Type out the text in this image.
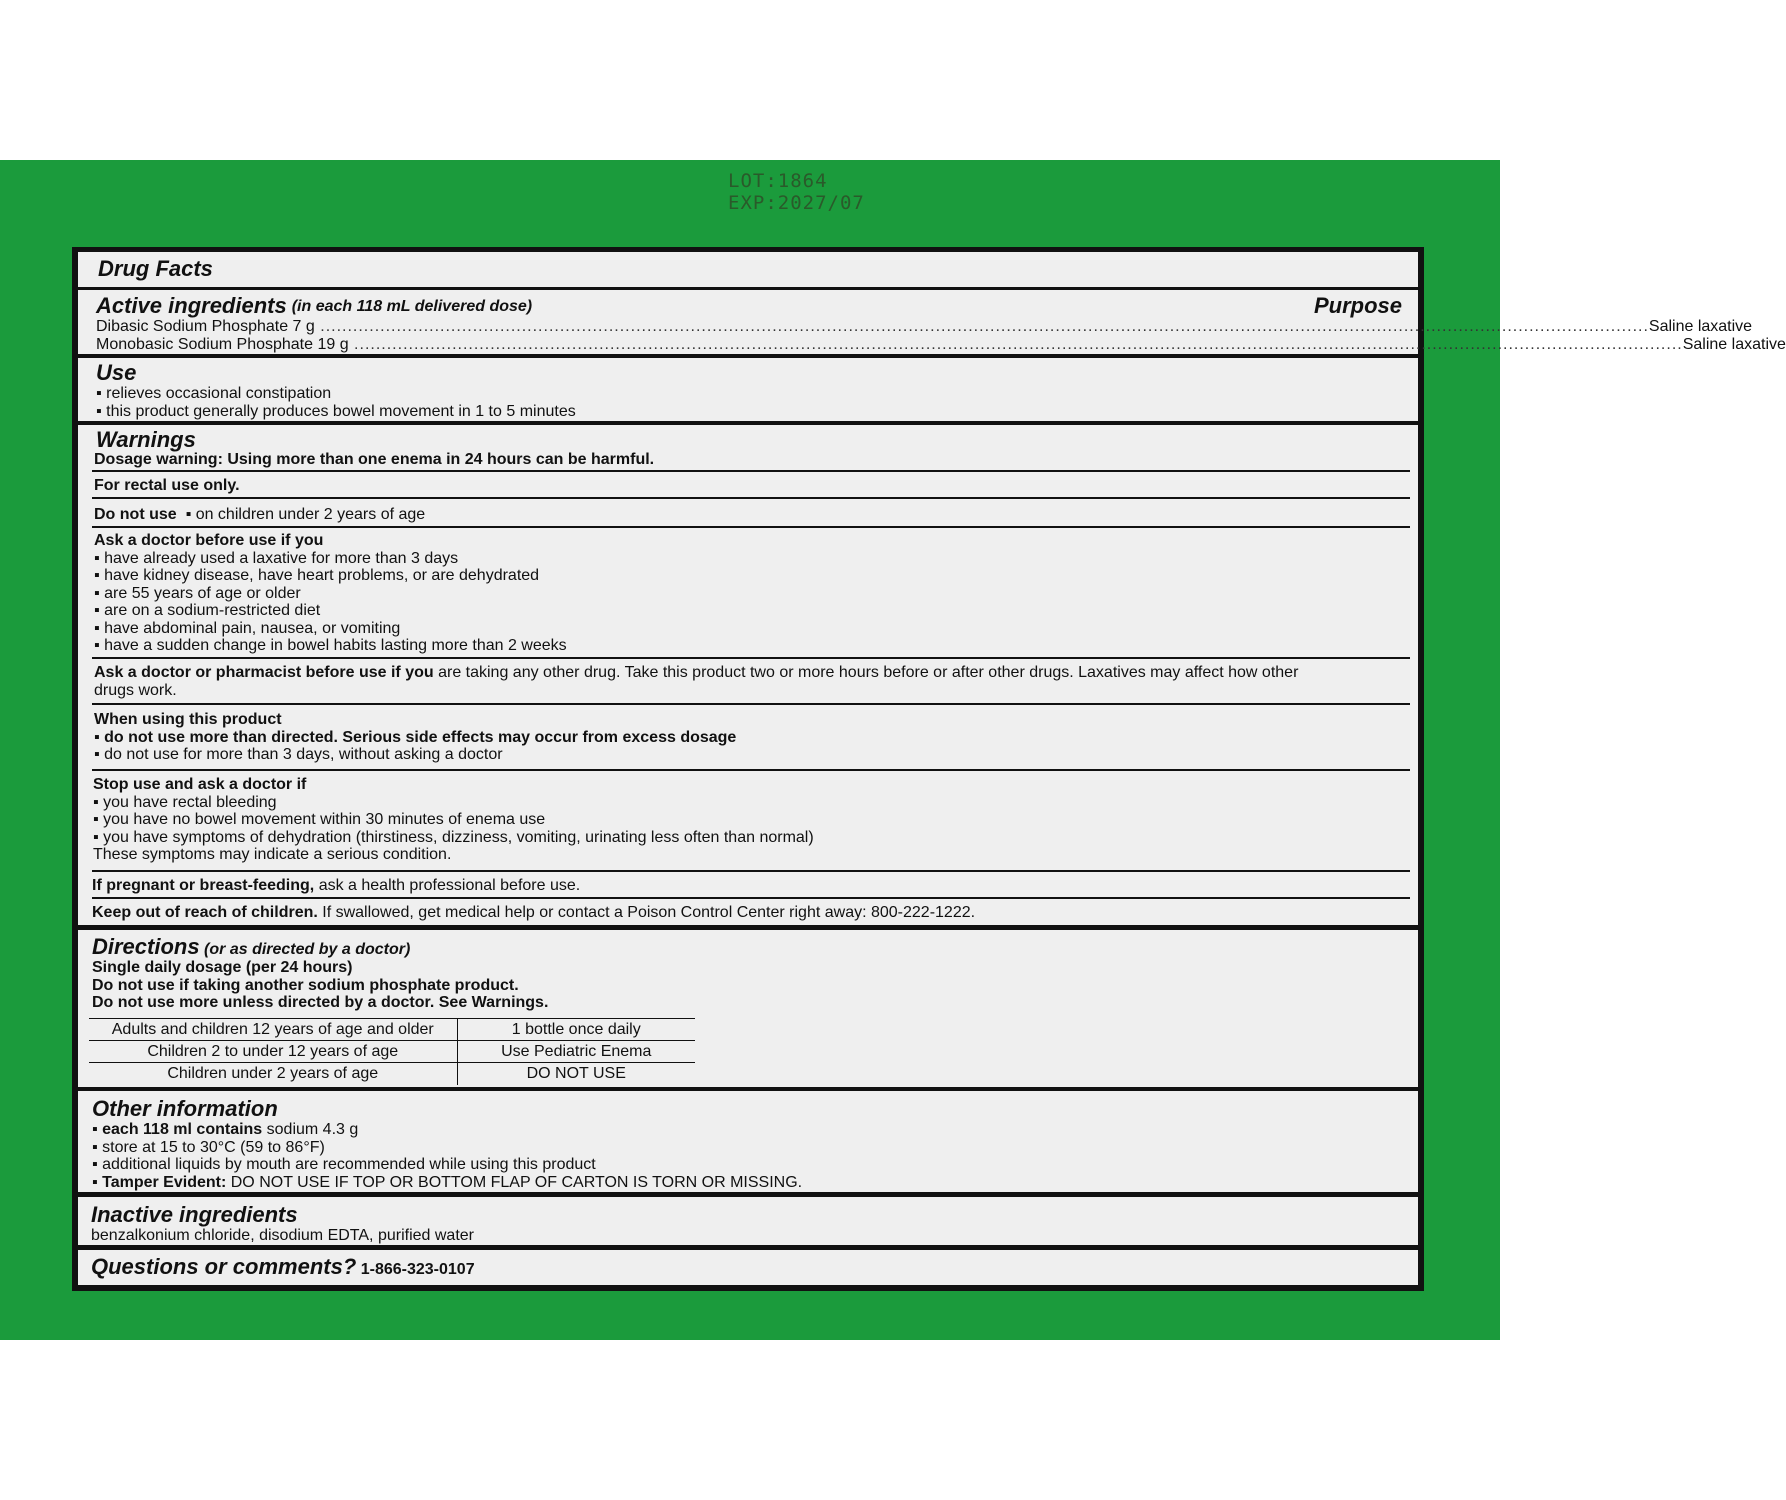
LOT:1864
EXP:2027/07
Drug Facts
Active ingredients (in each 118 mL delivered dose)	Purpose
Dibasic Sodium Phosphate 7 g .................................................................................................................................................................................................................................................... Saline laxative
Monobasic Sodium Phosphate 19 g .................................................................................................................................................................................................................................................... Saline laxative
Use
▪ relieves occasional constipation
▪ this product generally produces bowel movement in 1 to 5 minutes
Warnings
Dosage warning: Using more than one enema in 24 hours can be harmful.
For rectal use only.
Do not use  ▪ on children under 2 years of age
Ask a doctor before use if you
▪ have already used a laxative for more than 3 days
▪ have kidney disease, have heart problems, or are dehydrated
▪ are 55 years of age or older
▪ are on a sodium-restricted diet
▪ have abdominal pain, nausea, or vomiting
▪ have a sudden change in bowel habits lasting more than 2 weeks
Ask a doctor or pharmacist before use if you are taking any other drug. Take this product two or more hours before or after other drugs. Laxatives may affect how other
drugs work.
When using this product
▪ do not use more than directed. Serious side effects may occur from excess dosage
▪ do not use for more than 3 days, without asking a doctor
Stop use and ask a doctor if
▪ you have rectal bleeding
▪ you have no bowel movement within 30 minutes of enema use
▪ you have symptoms of dehydration (thirstiness, dizziness, vomiting, urinating less often than normal)
These symptoms may indicate a serious condition.
If pregnant or breast-feeding, ask a health professional before use.
Keep out of reach of children. If swallowed, get medical help or contact a Poison Control Center right away: 800-222-1222.
Directions (or as directed by a doctor)
Single daily dosage (per 24 hours)
Do not use if taking another sodium phosphate product.
Do not use more unless directed by a doctor. See Warnings.
Adults and children 12 years of age and older	1 bottle once daily
Children 2 to under 12 years of age	Use Pediatric Enema
Children under 2 years of age	DO NOT USE
Other information
▪ each 118 ml contains sodium 4.3 g
▪ store at 15 to 30°C (59 to 86°F)
▪ additional liquids by mouth are recommended while using this product
▪ Tamper Evident: DO NOT USE IF TOP OR BOTTOM FLAP OF CARTON IS TORN OR MISSING.
Inactive ingredients
benzalkonium chloride, disodium EDTA, purified water
Questions or comments? 1-866-323-0107
